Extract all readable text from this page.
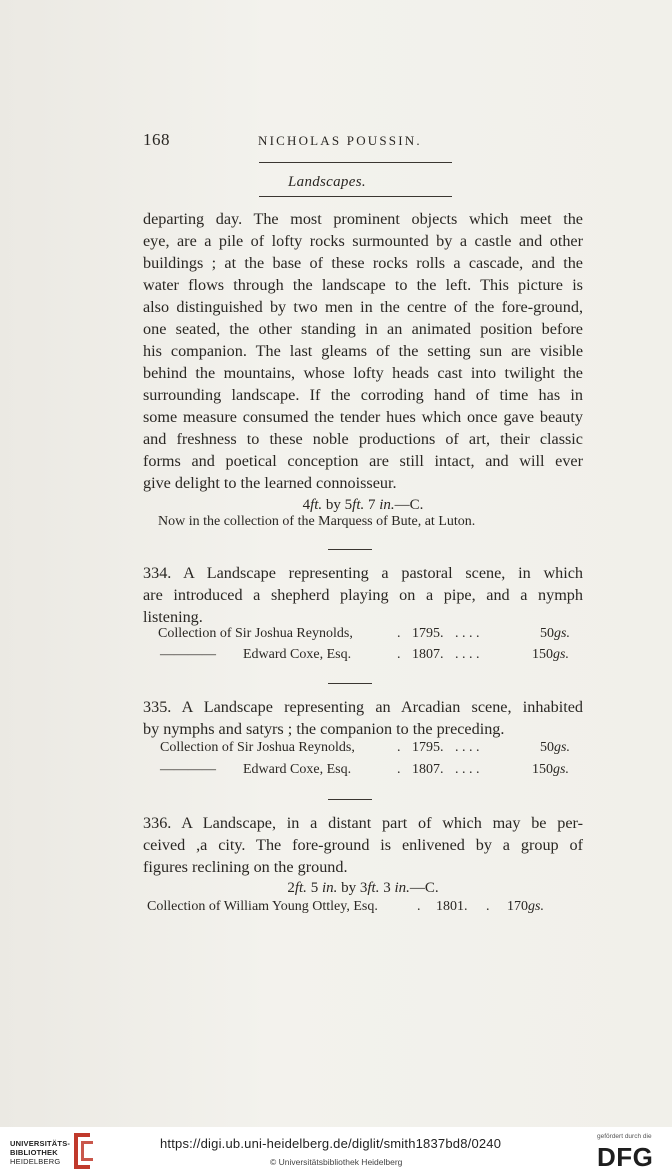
168	NICHOLAS POUSSIN.
Landscapes.
departing day. The most prominent objects which meet the
eye, are a pile of lofty rocks surmounted by a castle and other
buildings ; at the base of these rocks rolls a cascade, and the
water flows through the landscape to the left. This picture is
also distinguished by two men in the centre of the fore-ground,
one seated, the other standing in an animated position before
his companion. The last gleams of the setting sun are visible
behind the mountains, whose lofty heads cast into twilight the
surrounding landscape. If the corroding hand of time has in
some measure consumed the tender hues which once gave beauty
and freshness to these noble productions of art, their classic
forms and poetical conception are still intact, and will ever
give delight to the learned connoisseur.
4ft. by 5ft. 7 in.—C.
Now in the collection of the Marquess of Bute, at Luton.
334. A Landscape representing a pastoral scene, in which
are introduced a shepherd playing on a pipe, and a nymph
listening.
Collection of Sir Joshua Reynolds,	. 1795. . . . .	50gs.
———— Edward Coxe, Esq.	. 1807. . . . .	150gs.
335. A Landscape representing an Arcadian scene, inhabited
by nymphs and satyrs ; the companion to the preceding.
Collection of Sir Joshua Reynolds,	. 1795. . . . .	50gs.
———— Edward Coxe, Esq.	. 1807. . . . .	150gs.
336. A Landscape, in a distant part of which may be per-
ceived ,a city. The fore-ground is enlivened by a group of
figures reclining on the ground.
2ft. 5 in. by 3ft. 3 in.—C.
Collection of William Young Ottley, Esq.	. 1801. . 170gs.
UNIVERSITÄTS-
BIBLIOTHEK
HEIDELBERG
https://digi.ub.uni-heidelberg.de/diglit/smith1837bd8/0240
© Universitätsbibliothek Heidelberg
gefördert durch die
DFG
